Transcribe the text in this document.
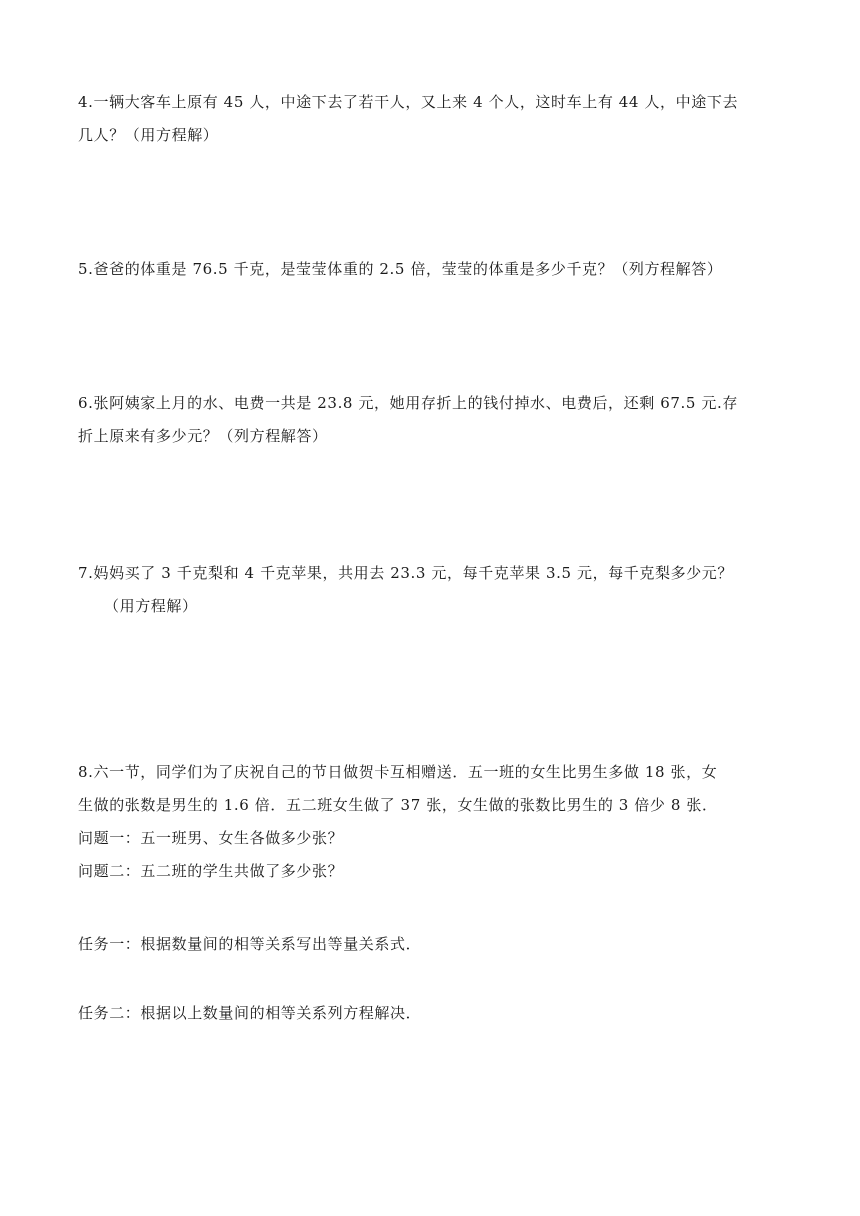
4.一辆大客车上原有 45 人，中途下去了若干人，又上来 4 个人，这时车上有 44 人，中途下去
几人？（用方程解）
5.爸爸的体重是 76.5 千克，是莹莹体重的 2.5 倍，莹莹的体重是多少千克？（列方程解答）
6.张阿姨家上月的水、电费一共是 23.8 元，她用存折上的钱付掉水、电费后，还剩 67.5 元.存
折上原来有多少元？（列方程解答）
7.妈妈买了 3 千克梨和 4 千克苹果，共用去 23.3 元，每千克苹果 3.5 元，每千克梨多少元？
（用方程解）
8.六一节，同学们为了庆祝自己的节日做贺卡互相赠送．五一班的女生比男生多做 18 张，女
生做的张数是男生的 1.6 倍．五二班女生做了 37 张，女生做的张数比男生的 3 倍少 8 张．
问题一：五一班男、女生各做多少张？
问题二：五二班的学生共做了多少张？
任务一：根据数量间的相等关系写出等量关系式．
任务二：根据以上数量间的相等关系列方程解决．
